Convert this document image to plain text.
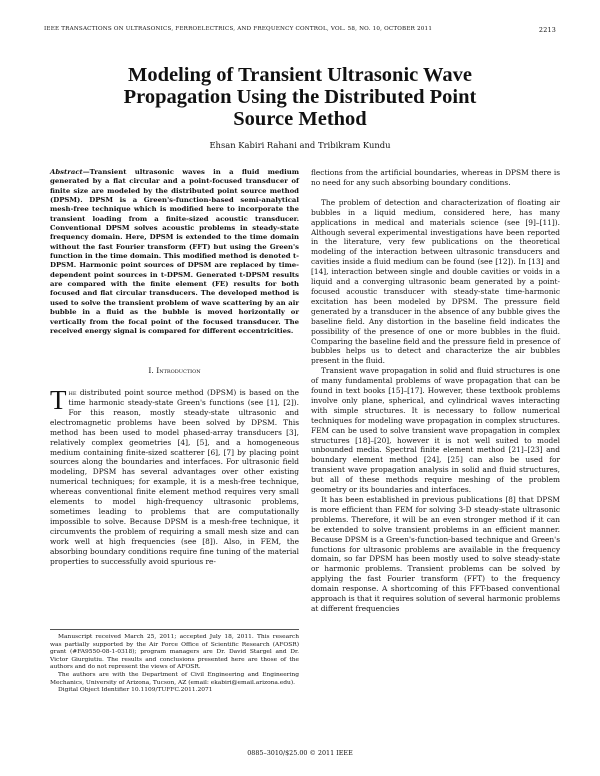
IEEE TRANSACTIONS ON ULTRASONICS, FERROELECTRICS, AND FREQUENCY CONTROL, VOL. 58, NO. 10, OCTOBER 2011	2213
Modeling of Transient Ultrasonic Wave
Propagation Using the Distributed Point
Source Method
Ehsan Kabiri Rahani and Tribikram Kundu

Abstract—Transient ultrasonic waves in a fluid medium generated by a flat circular and a point-focused transducer of finite size are modeled by the distributed point source method (DPSM). DPSM is a Green's-function-based semi-analytical mesh-free technique which is modified here to incorporate the transient loading from a finite-sized acoustic transducer. Conventional DPSM solves acoustic problems in steady-state frequency domain. Here, DPSM is extended to the time domain without the fast Fourier transform (FFT) but using the Green's function in the time domain. This modified method is denoted t-DPSM. Harmonic point sources of DPSM are replaced by time-dependent point sources in t-DPSM. Generated t-DPSM results are compared with the finite element (FE) results for both focused and flat circular transducers. The developed method is used to solve the transient problem of wave scattering by an air bubble in a fluid as the bubble is moved horizontally or vertically from the focal point of the focused transducer. The received energy signal is compared for different eccentricities.

I. Introduction

The distributed point source method (DPSM) is based on the time harmonic steady-state Green's functions (see [1], [2]). For this reason, mostly steady-state ultrasonic and electromagnetic problems have been solved by DPSM. This method has been used to model phased-array transducers [3], relatively complex geometries [4], [5], and a homogeneous medium containing finite-sized scatterer [6], [7] by placing point sources along the boundaries and interfaces. For ultrasonic field modeling, DPSM has several advantages over other existing numerical techniques; for example, it is a mesh-free technique, whereas conventional finite element method requires very small elements to model high-frequency ultrasonic problems, sometimes leading to problems that are computationally impossible to solve. Because DPSM is a mesh-free technique, it circumvents the problem of requiring a small mesh size and can work well at high frequencies (see [8]). Also, in FEM, the absorbing boundary conditions require fine tuning of the material properties to successfully avoid spurious re-

Manuscript received March 25, 2011; accepted July 18, 2011. This research was partially supported by the Air Force Office of Scientific Research (AFOSR) grant (#FA9550-08-1-0318); program managers are Dr. David Stargel and Dr. Victor Giurgiutiu. The results and conclusions presented here are those of the authors and do not represent the views of AFOSR.

The authors are with the Department of Civil Engineering and Engineering Mechanics, University of Arizona, Tucson, AZ (email: ekabiri@email.arizona.edu).

Digital Object Identifier 10.1109/TUFFC.2011.2071

flections from the artificial boundaries, whereas in DPSM there is no need for any such absorbing boundary conditions.

The problem of detection and characterization of floating air bubbles in a liquid medium, considered here, has many applications in medical and materials science (see [9]–[11]). Although several experimental investigations have been reported in the literature, very few publications on the theoretical modeling of the interaction between ultrasonic transducers and cavities inside a fluid medium can be found (see [12]). In [13] and [14], interaction between single and double cavities or voids in a liquid and a converging ultrasonic beam generated by a point-focused acoustic transducer with steady-state time-harmonic excitation has been modeled by DPSM. The pressure field generated by a transducer in the absence of any bubble gives the baseline field. Any distortion in the baseline field indicates the possibility of the presence of one or more bubbles in the fluid. Comparing the baseline field and the pressure field in presence of bubbles helps us to detect and characterize the air bubbles present in the fluid.

Transient wave propagation in solid and fluid structures is one of many fundamental problems of wave propagation that can be found in text books [15]–[17]. However, these textbook problems involve only plane, spherical, and cylindrical waves interacting with simple structures. It is necessary to follow numerical techniques for modeling wave propagation in complex structures. FEM can be used to solve transient wave propagation in complex structures [18]–[20], however it is not well suited to model unbounded media. Spectral finite element method [21]–[23] and boundary element method [24], [25] can also be used for transient wave propagation analysis in solid and fluid structures, but all of these methods require meshing of the problem geometry or its boundaries and interfaces.

It has been established in previous publications [8] that DPSM is more efficient than FEM for solving 3-D steady-state ultrasonic problems. Therefore, it will be an even stronger method if it can be extended to solve transient problems in an efficient manner. Because DPSM is a Green's-function-based technique and Green's functions for ultrasonic problems are available in the frequency domain, so far DPSM has been mostly used to solve steady-state or harmonic problems. Transient problems can be solved by applying the fast Fourier transform (FFT) to the frequency domain response. A shortcoming of this FFT-based conventional approach is that it requires solution of several harmonic problems at different frequencies

0885–3010/$25.00 © 2011 IEEE
